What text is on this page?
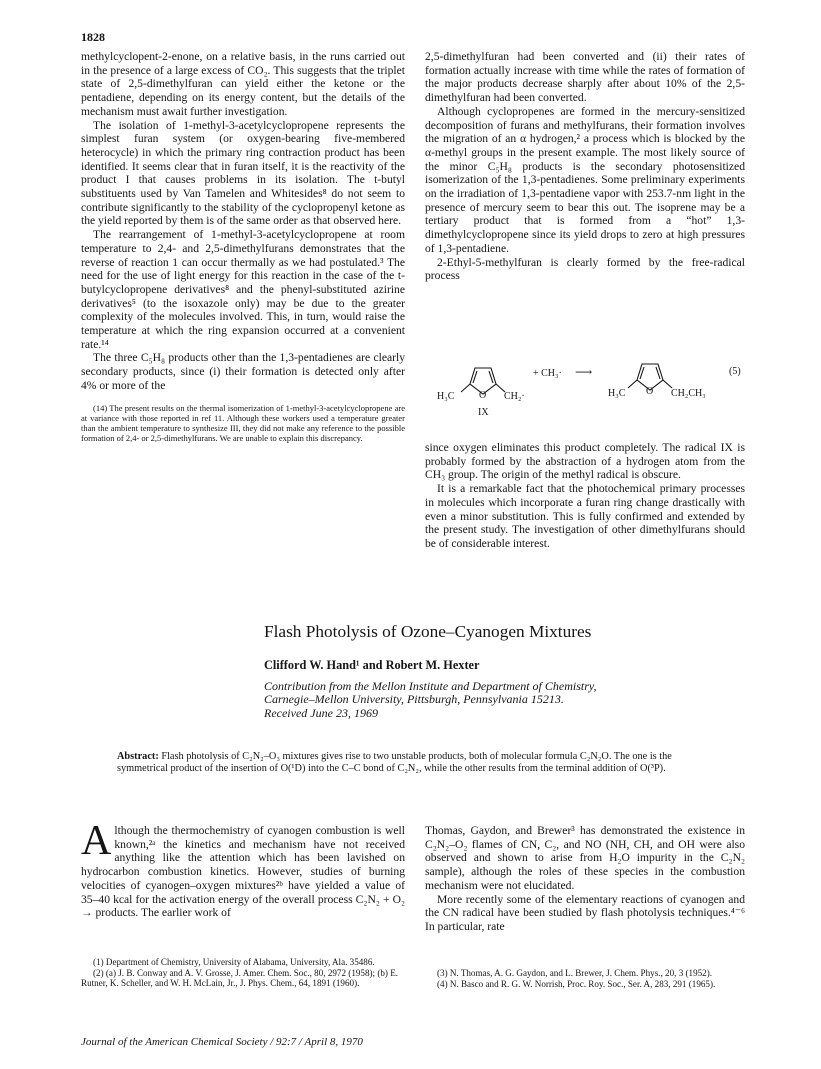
1828

methylcyclopent-2-enone, on a relative basis, in the runs carried out in the presence of a large excess of CO₂. This suggests that the triplet state of 2,5-dimethylfuran can yield either the ketone or the pentadiene, depending on its energy content, but the details of the mechanism must await further investigation.

The isolation of 1-methyl-3-acetylcyclopropene represents the simplest furan system (or oxygen-bearing five-membered heterocycle) in which the primary ring contraction product has been identified. It seems clear that in furan itself, it is the reactivity of the product I that causes problems in its isolation. The t-butyl substituents used by Van Tamelen and Whitesides⁸ do not seem to contribute significantly to the stability of the cyclopropenyl ketone as the yield reported by them is of the same order as that observed here.

The rearrangement of 1-methyl-3-acetylcyclopropene at room temperature to 2,4- and 2,5-dimethylfurans demonstrates that the reverse of reaction 1 can occur thermally as we had postulated.³ The need for the use of light energy for this reaction in the case of the t-butylcyclopropene derivatives⁸ and the phenyl-substituted azirine derivatives⁵ (to the isoxazole only) may be due to the greater complexity of the molecules involved. This, in turn, would raise the temperature at which the ring expansion occurred at a convenient rate.¹⁴

The three C₅H₈ products other than the 1,3-pentadienes are clearly secondary products, since (i) their formation is detected only after 4% or more of the

(14) The present results on the thermal isomerization of 1-methyl-3-acetylcyclopropene are at variance with those reported in ref 11. Although these workers used a temperature greater than the ambient temperature to synthesize III, they did not make any reference to the possible formation of 2,4- or 2,5-dimethylfurans. We are unable to explain this discrepancy.

2,5-dimethylfuran had been converted and (ii) their rates of formation actually increase with time while the rates of formation of the major products decrease sharply after about 10% of the 2,5-dimethylfuran had been converted.

Although cyclopropenes are formed in the mercury-sensitized decomposition of furans and methylfurans, their formation involves the migration of an α hydrogen,² a process which is blocked by the α-methyl groups in the present example. The most likely source of the minor C₅H₈ products is the secondary photosensitized isomerization of the 1,3-pentadienes. Some preliminary experiments on the irradiation of 1,3-pentadiene vapor with 253.7-nm light in the presence of mercury seem to bear this out. The isoprene may be a tertiary product that is formed from a “hot” 1,3-dimethylcyclopropene since its yield drops to zero at high pressures of 1,3-pentadiene.

2-Ethyl-5-methylfuran is clearly formed by the free-radical process

H₃C O CH₂·
+ CH₃· ⟶
H₃C O CH₂CH₃
(5)
IX

since oxygen eliminates this product completely. The radical IX is probably formed by the abstraction of a hydrogen atom from the CH₃ group. The origin of the methyl radical is obscure.

It is a remarkable fact that the photochemical primary processes in molecules which incorporate a furan ring change drastically with even a minor substitution. This is fully confirmed and extended by the present study. The investigation of other dimethylfurans should be of considerable interest.

Flash Photolysis of Ozone–Cyanogen Mixtures
Clifford W. Hand¹ and Robert M. Hexter
Contribution from the Mellon Institute and Department of Chemistry,
Carnegie–Mellon University, Pittsburgh, Pennsylvania 15213.
Received June 23, 1969
Abstract: Flash photolysis of C₂N₂–O₃ mixtures gives rise to two unstable products, both of molecular formula C₂N₂O. The one is the symmetrical product of the insertion of O(¹D) into the C–C bond of C₂N₂, while the other results from the terminal addition of O(³P).

Although the thermochemistry of cyanogen combustion is well known,²ᵃ the kinetics and mechanism have not received anything like the attention which has been lavished on hydrocarbon combustion kinetics. However, studies of burning velocities of cyanogen–oxygen mixtures²ᵇ have yielded a value of 35–40 kcal for the activation energy of the overall process C₂N₂ + O₂ → products. The earlier work of

(1) Department of Chemistry, University of Alabama, University, Ala. 35486.

(2) (a) J. B. Conway and A. V. Grosse, J. Amer. Chem. Soc., 80, 2972 (1958); (b) E. Rutner, K. Scheller, and W. H. McLain, Jr., J. Phys. Chem., 64, 1891 (1960).

Thomas, Gaydon, and Brewer³ has demonstrated the existence in C₂N₂–O₂ flames of CN, C₂, and NO (NH, CH, and OH were also observed and shown to arise from H₂O impurity in the C₂N₂ sample), although the roles of these species in the combustion mechanism were not elucidated.

More recently some of the elementary reactions of cyanogen and the CN radical have been studied by flash photolysis techniques.⁴⁻⁶ In particular, rate

(3) N. Thomas, A. G. Gaydon, and L. Brewer, J. Chem. Phys., 20, 3 (1952).

(4) N. Basco and R. G. W. Norrish, Proc. Roy. Soc., Ser. A, 283, 291 (1965).

Journal of the American Chemical Society / 92:7 / April 8, 1970
